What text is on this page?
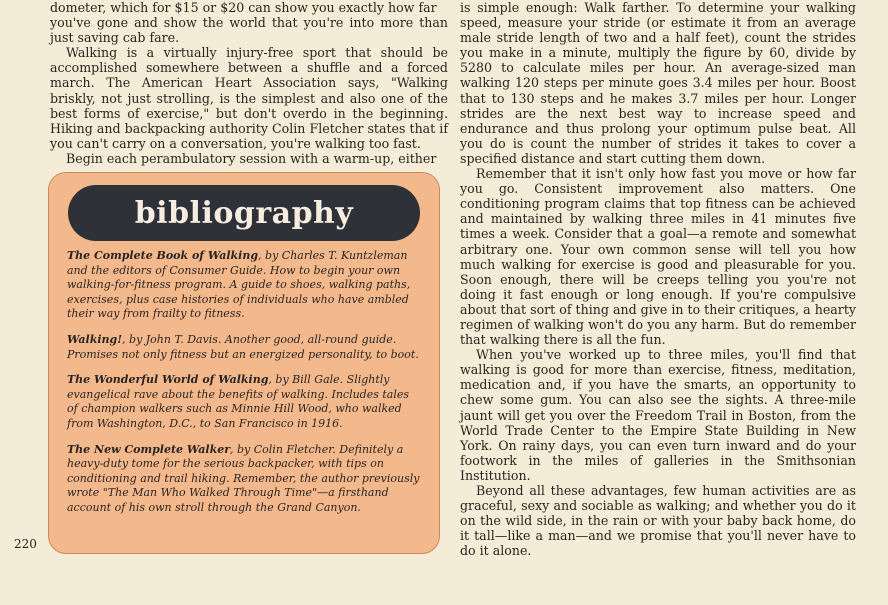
dometer, which for $15 or $20 can show you exactly how far

you've gone and show the world that you're into more than just saving cab fare.

Walking is a virtually injury-free sport that should be accomplished somewhere between a shuffle and a forced march. The American Heart Association says, "Walking briskly, not just strolling, is the simplest and also one of the best forms of exercise," but don't overdo in the beginning. Hiking and backpacking authority Colin Fletcher states that if you can't carry on a conversation, you're walking too fast.

Begin each perambulatory session with a warm-up, either

bibliography

The Complete Book of Walking, by Charles T. Kuntzleman and the editors of Consumer Guide. How to begin your own walking-for-fitness program. A guide to shoes, walking paths, exercises, plus case histories of individuals who have ambled their way from frailty to fitness.

Walking!, by John T. Davis. Another good, all-round guide. Promises not only fitness but an energized personality, to boot.

The Wonderful World of Walking, by Bill Gale. Slightly evangelical rave about the benefits of walking. Includes tales of champion walkers such as Minnie Hill Wood, who walked from Washington, D.C., to San Francisco in 1916.

The New Complete Walker, by Colin Fletcher. Definitely a heavy-duty tome for the serious backpacker, with tips on conditioning and trail hiking. Remember, the author previously wrote "The Man Who Walked Through Time"—a firsthand account of his own stroll through the Grand Canyon.

220

is simple enough: Walk farther. To determine your walking speed, measure your stride (or estimate it from an average male stride length of two and a half feet), count the strides you make in a minute, multiply the figure by 60, divide by 5280 to calculate miles per hour. An average-sized man walking 120 steps per minute goes 3.4 miles per hour. Boost that to 130 steps and he makes 3.7 miles per hour. Longer strides are the next best way to increase speed and endurance and thus prolong your optimum pulse beat. All you do is count the number of strides it takes to cover a specified distance and start cutting them down.

Remember that it isn't only how fast you move or how far you go. Consistent improvement also matters. One conditioning program claims that top fitness can be achieved and maintained by walking three miles in 41 minutes five times a week. Consider that a goal—a remote and somewhat arbitrary one. Your own common sense will tell you how much walking for exercise is good and pleasurable for you. Soon enough, there will be creeps telling you you're not doing it fast enough or long enough. If you're compulsive about that sort of thing and give in to their critiques, a hearty regimen of walking won't do you any harm. But do remember that walking there is all the fun.

When you've worked up to three miles, you'll find that walking is good for more than exercise, fitness, meditation, medication and, if you have the smarts, an opportunity to chew some gum. You can also see the sights. A three-mile jaunt will get you over the Freedom Trail in Boston, from the World Trade Center to the Empire State Building in New York. On rainy days, you can even turn inward and do your footwork in the miles of galleries in the Smithsonian Institution.

Beyond all these advantages, few human activities are as graceful, sexy and sociable as walking; and whether you do it on the wild side, in the rain or with your baby back home, do it tall—like a man—and we promise that you'll never have to do it alone.
